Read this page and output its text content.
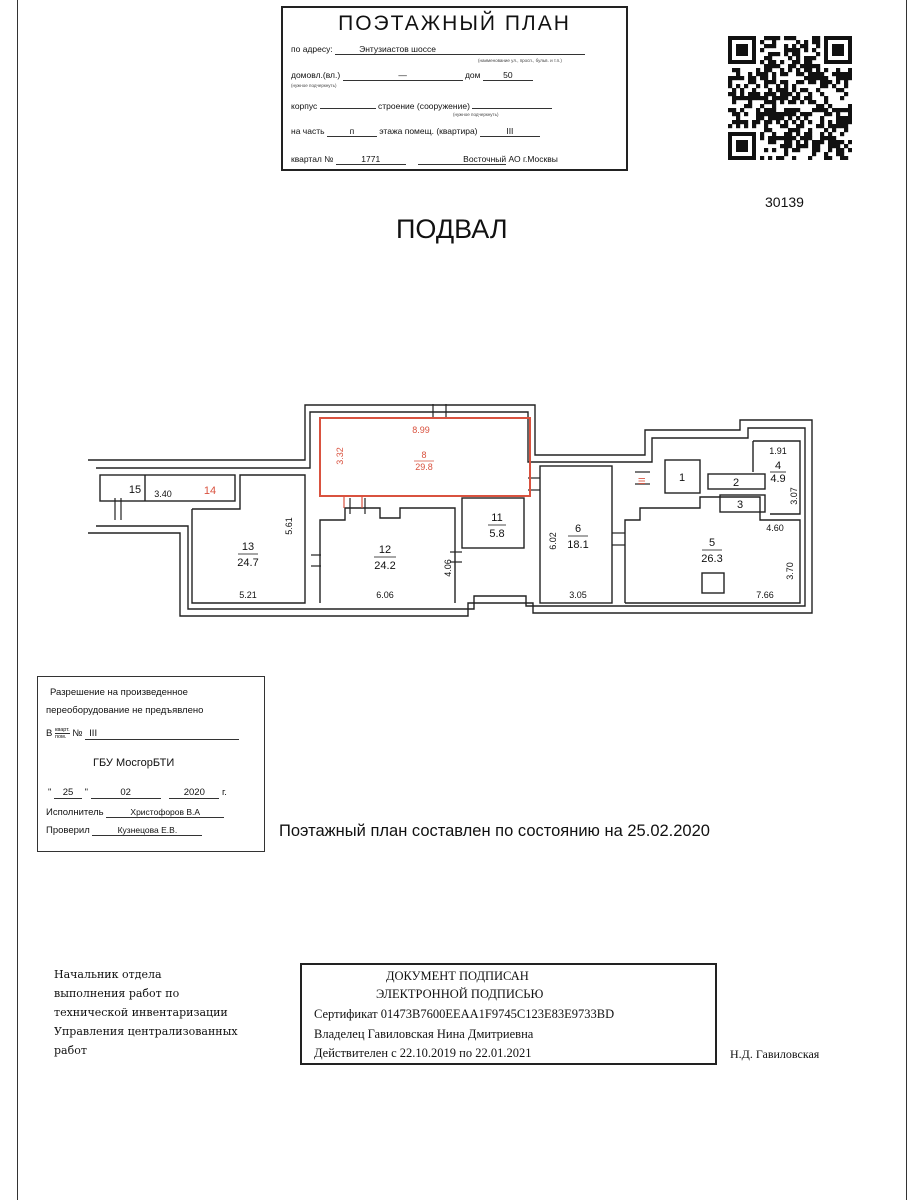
ПОЭТАЖНЫЙ ПЛАН
по адресу:	Энтузиастов шоссе
(наименование ул., просп., бульв. и т.п.)
домовл.(вл.)	—	дом	50
(нужное подчеркнуть)
корпус	строение (сооружение)
(нужное подчеркнуть)
на часть	п	этажа помещ. (квартира)	III
квартал №	1771	Восточный АО г.Москвы
30139
ПОДВАЛ
15
13
24.7
12
24.2
11
5.8	6
18.1	5
26.3
1	2
3
4
4.9
14
8
29.8
8.99
3.32
III
3.40
5.21	6.06	3.05	7.66
4.60
1.91
5.61
4.06
6.02
3.07
3.70
Разрешение на произведенное
переоборудование не предъявлено
В кварт.
пом. № III
ГБУ МосгорБТИ
" 25 "	02	2020 г.
Исполнитель	Христофоров В.А
Проверил	Кузнецова Е.В.	Поэтажный план составлен по состоянию на 25.02.2020
Начальник отдела
выполнения работ по
технической инвентаризации
Управления централизованных
работ
ДОКУМЕНТ ПОДПИСАН
ЭЛЕКТРОННОЙ ПОДПИСЬЮ
Сертификат 01473B7600EEAA1F9745C123E83E9733BD
Владелец Гавиловская Нина Дмитриевна
Действителен с 22.10.2019 по 22.01.2021	Н.Д. Гавиловская
